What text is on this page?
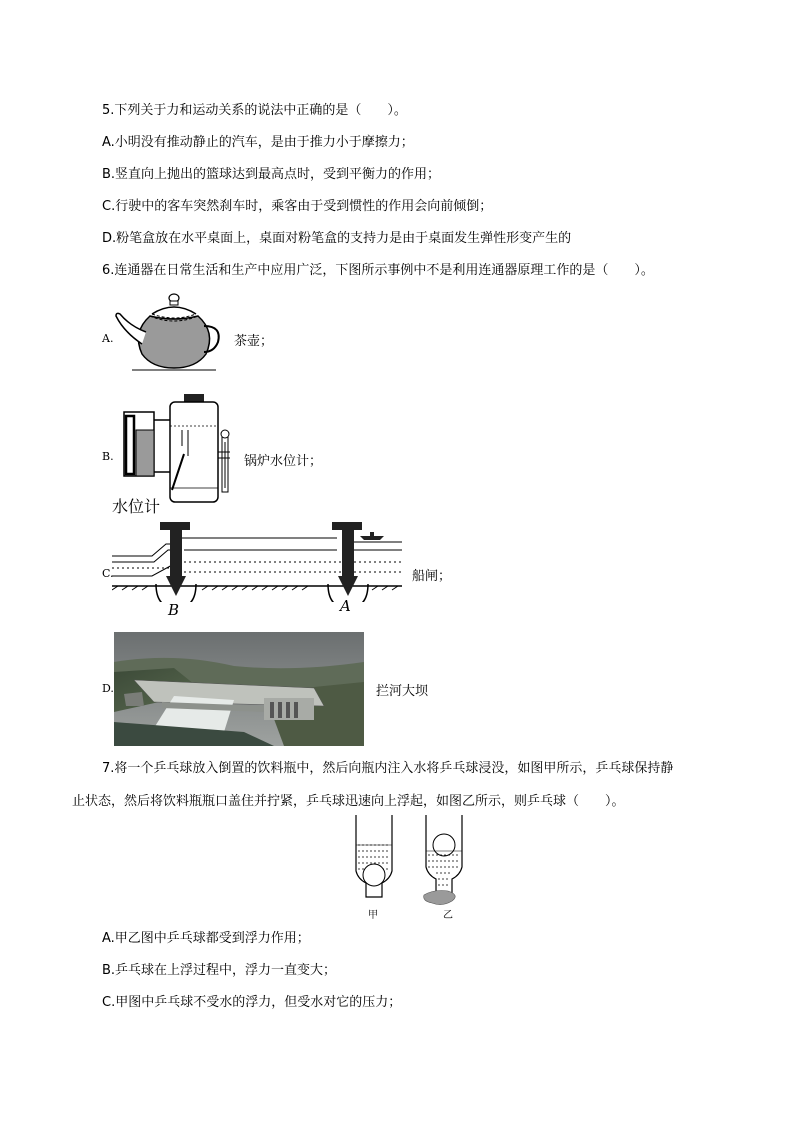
5.下列关于力和运动关系的说法中正确的是（　　）。
A.小明没有推动静止的汽车，是由于推力小于摩擦力；
B.竖直向上抛出的篮球达到最高点时，受到平衡力的作用；
C.行驶中的客车突然刹车时，乘客由于受到惯性的作用会向前倾倒；
D.粉笔盒放在水平桌面上，桌面对粉笔盒的支持力是由于桌面发生弹性形变产生的
6.连通器在日常生活和生产中应用广泛，下图所示事例中不是利用连通器原理工作的是（　　）。
A.	茶壶；
B.
水位计
锅炉水位计；
C.
B	A
船闸；
D.	拦河大坝
7.将一个乒乓球放入倒置的饮料瓶中，然后向瓶内注入水将乒乓球浸没，如图甲所示，乒乓球保持静
止状态，然后将饮料瓶瓶口盖住并拧紧，乒乓球迅速向上浮起，如图乙所示，则乒乓球（　　）。
甲	乙
A.甲乙图中乒乓球都受到浮力作用；
B.乒乓球在上浮过程中，浮力一直变大；
C.甲图中乒乓球不受水的浮力，但受水对它的压力；
